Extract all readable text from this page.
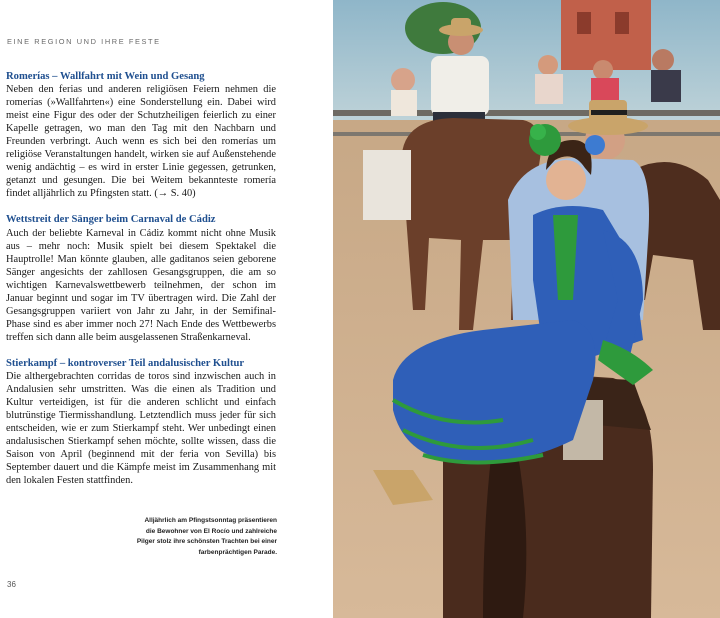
EINE REGION UND IHRE FESTE
Romerías – Wallfahrt mit Wein und Gesang

Neben den ferias und anderen religiösen Feiern nehmen die romerías (»Wallfahrten«) eine Sonderstellung ein. Dabei wird meist eine Figur des oder der Schutzheiligen feierlich zu einer Kapelle getragen, wo man den Tag mit den Nachbarn und Freunden verbringt. Auch wenn es sich bei den romerías um religiöse Veranstaltungen handelt, wirken sie auf Außenstehende wenig andächtig – es wird in erster Linie gegessen, getrunken, getanzt und gesungen. Die bei Weitem bekannteste romería findet alljährlich zu Pfingsten statt. (→ S. 40)

Wettstreit der Sänger beim Carnaval de Cádiz

Auch der beliebte Karneval in Cádiz kommt nicht ohne Musik aus – mehr noch: Musik spielt bei diesem Spektakel die Hauptrolle! Man könnte glauben, alle gaditanos seien geborene Sänger angesichts der zahllosen Gesangsgruppen, die am so wichtigen Karnevalswettbewerb teilnehmen, der schon im Januar beginnt und sogar im TV übertragen wird. Die Zahl der Gesangsgruppen variiert von Jahr zu Jahr, in der Semifinal-Phase sind es aber immer noch 27! Nach Ende des Wettbewerbs treffen sich dann alle beim ausgelassenen Straßenkarneval.

Stierkampf – kontroverser Teil andalusischer Kultur

Die althergebrachten corridas de toros sind inzwischen auch in Andalusien sehr umstritten. Was die einen als Tradition und Kultur verteidigen, ist für die anderen schlicht und einfach blutrünstige Tiermisshandlung. Letztendlich muss jeder für sich entscheiden, wie er zum Stierkampf steht. Wer unbedingt einen andalusischen Stierkampf sehen möchte, sollte wissen, dass die Saison von April (beginnend mit der feria von Sevilla) bis September dauert und die Kämpfe meist im Zusammenhang mit den lokalen Festen stattfinden.

Alljährlich am Pfingstsonntag präsentieren
die Bewohner von El Rocío und zahlreiche
Pilger stolz ihre schönsten Trachten bei einer
farbenprächtigen Parade.
36
